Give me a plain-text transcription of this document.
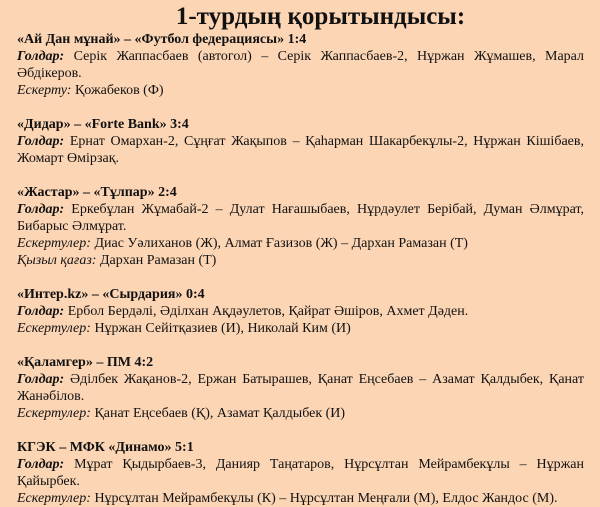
1-турдың қорытындысы:
«Ай Дан мұнай» – «Футбол федерациясы» 1:4
Голдар: Серік Жаппасбаев (автогол) – Серік Жаппасбаев-2, Нұржан Жұмашев, Марал Әбдікеров.
Ескерту: Қожабеков (Ф)
«Дидар» – «Forte Bank» 3:4
Голдар: Ернат Омархан-2, Сұңғат Жақыпов – Қаһарман Шакарбекұлы-2, Нұржан Кішібаев, Жомарт Өмірзақ.
«Жастар» – «Тұлпар» 2:4
Голдар: Еркебұлан Жұмабай-2 – Дулат Нағашыбаев, Нұрдәулет Берібай, Думан Әлмұрат, Бибарыс Әлмұрат.
Ескертулер: Диас Уәлиханов (Ж), Алмат Ғазизов (Ж) – Дархан Рамазан (Т)
Қызыл қағаз: Дархан Рамазан (Т)
«Интер.kz» – «Сырдария» 0:4
Голдар: Ербол Бердәлі, Әділхан Ақдәулетов, Қайрат Әшіров, Ахмет Дәден.
Ескертулер: Нұржан Сейітқазиев (И), Николай Ким (И)
«Қаламгер» – ПМ 4:2
Голдар: Әділбек Жақанов-2, Ержан Батырашев, Қанат Еңсебаев – Азамат Қалдыбек, Қанат Жанәбілов.
Ескертулер: Қанат Еңсебаев (Қ), Азамат Қалдыбек (И)
КГЭК – МФК «Динамо» 5:1
Голдар: Мұрат Қыдырбаев-3, Данияр Таңатаров, Нұрсұлтан Мейрамбекұлы – Нұржан Қайырбек.
Ескертулер: Нұрсұлтан Мейрамбекұлы (К) – Нұрсұлтан Меңғали (М), Елдос Жандос (М).
